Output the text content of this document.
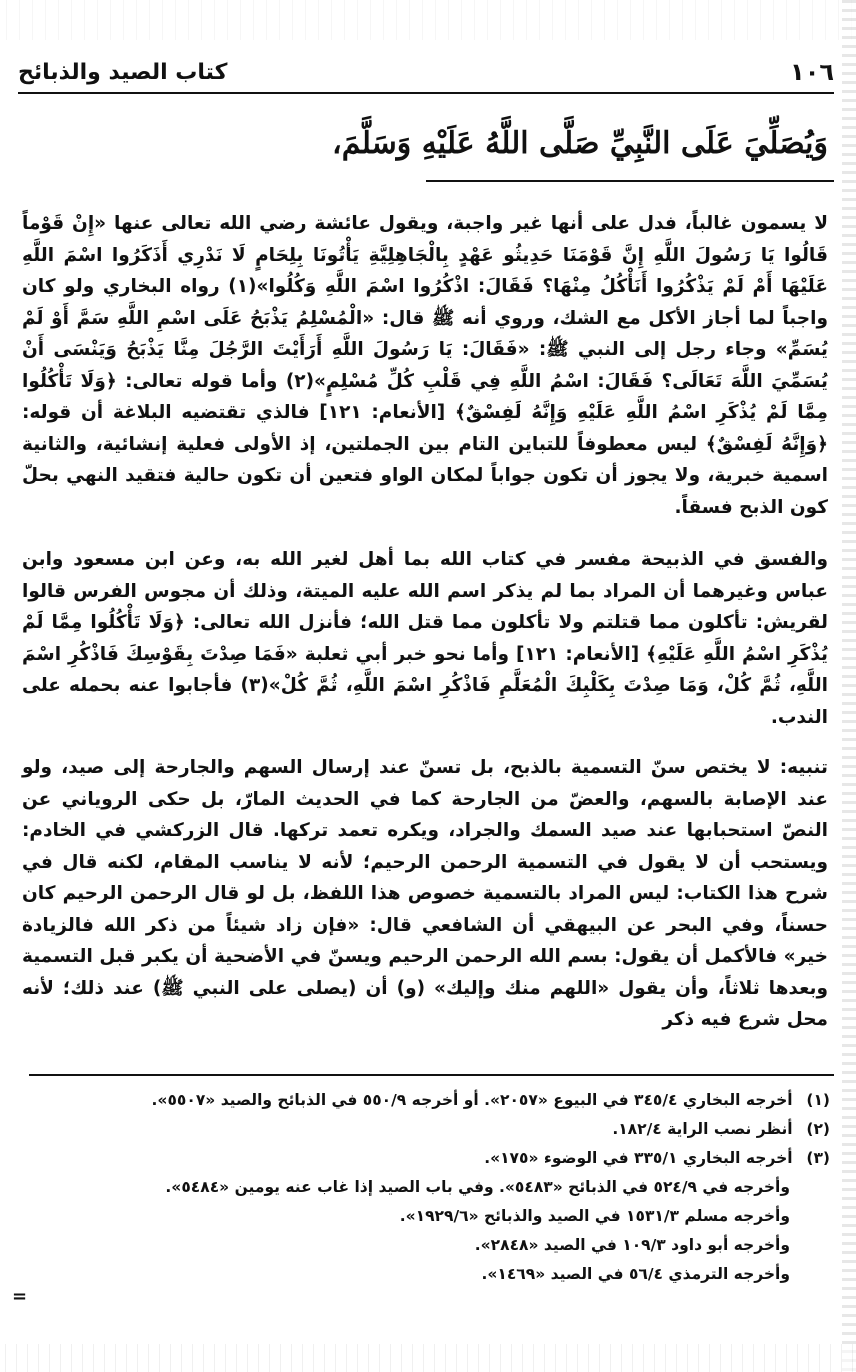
كتاب الصيد والذبائح	١٠٦
وَيُصَلِّيَ عَلَى النَّبِيِّ صَلَّى اللَّهُ عَلَيْهِ وَسَلَّمَ،

لا يسمون غالباً، فدل على أنها غير واجبة، ويقول عائشة رضي الله تعالى عنها «إِنْ قَوْماً قَالُوا يَا رَسُولَ اللَّهِ إِنَّ قَوْمَنَا حَدِيثُو عَهْدٍ بِالْجَاهِلِيَّةِ يَأْتُونَا بِلِحَامٍ لَا نَدْرِي أَذَكَرُوا اسْمَ اللَّهِ عَلَيْهَا أَمْ لَمْ يَذْكُرُوا أَنَأْكُلُ مِنْهَا؟ فَقَالَ: اذْكُرُوا اسْمَ اللَّهِ وَكُلُوا»(١) رواه البخاري ولو كان واجباً لما أجاز الأكل مع الشك، وروي أنه ﷺ قال: «الْمُسْلِمُ يَذْبَحُ عَلَى اسْمِ اللَّهِ سَمَّ أَوْ لَمْ يُسَمِّ» وجاء رجل إلى النبي ﷺ: «فَقَالَ: يَا رَسُولَ اللَّهِ أَرَأَيْتَ الرَّجُلَ مِنَّا يَذْبَحُ وَيَنْسَى أَنْ يُسَمِّيَ اللَّهَ تَعَالَى؟ فَقَالَ: اسْمُ اللَّهِ فِي قَلْبِ كُلِّ مُسْلِمٍ»(٢) وأما قوله تعالى: ﴿وَلَا تَأْكُلُوا مِمَّا لَمْ يُذْكَرِ اسْمُ اللَّهِ عَلَيْهِ وَإِنَّهُ لَفِسْقٌ﴾ [الأنعام: ١٢١] فالذي تقتضيه البلاغة أن قوله: ﴿وَإِنَّهُ لَفِسْقٌ﴾ ليس معطوفاً للتباين التام بين الجملتين، إذ الأولى فعلية إنشائية، والثانية اسمية خبرية، ولا يجوز أن تكون جواباً لمكان الواو فتعين أن تكون حالية فتقيد النهي بحلّ كون الذبح فسقاً.

والفسق في الذبيحة مفسر في كتاب الله بما أهل لغير الله به، وعن ابن مسعود وابن عباس وغيرهما أن المراد بما لم يذكر اسم الله عليه الميتة، وذلك أن مجوس الفرس قالوا لقريش: تأكلون مما قتلتم ولا تأكلون مما قتل الله؛ فأنزل الله تعالى: ﴿وَلَا تَأْكُلُوا مِمَّا لَمْ يُذْكَرِ اسْمُ اللَّهِ عَلَيْهِ﴾ [الأنعام: ١٢١] وأما نحو خبر أبي ثعلبة «فَمَا صِدْتَ بِقَوْسِكَ فَاذْكُرِ اسْمَ اللَّهِ، ثُمَّ كُلْ، وَمَا صِدْتَ بِكَلْبِكَ الْمُعَلَّمِ فَاذْكُرِ اسْمَ اللَّهِ، ثُمَّ كُلْ»(٣) فأجابوا عنه بحمله على الندب.

تنبيه: لا يختص سنّ التسمية بالذبح، بل تسنّ عند إرسال السهم والجارحة إلى صيد، ولو عند الإصابة بالسهم، والعضّ من الجارحة كما في الحديث المارّ، بل حكى الروياني عن النصّ استحبابها عند صيد السمك والجراد، ويكره تعمد تركها. قال الزركشي في الخادم: ويستحب أن لا يقول في التسمية الرحمن الرحيم؛ لأنه لا يناسب المقام، لكنه قال في شرح هذا الكتاب: ليس المراد بالتسمية خصوص هذا اللفظ، بل لو قال الرحمن الرحيم كان حسناً، وفي البحر عن البيهقي أن الشافعي قال: «فإن زاد شيئاً من ذكر الله فالزيادة خير» فالأكمل أن يقول: بسم الله الرحمن الرحيم ويسنّ في الأضحية أن يكبر قبل التسمية وبعدها ثلاثاً، وأن يقول «اللهم منك وإليك» (و) أن (يصلى على النبي ﷺ) عند ذلك؛ لأنه محل شرع فيه ذكر

(١) أخرجه البخاري ٣٤٥/٤ في البيوع «٢٠٥٧». أو أخرجه ٥٥٠/٩ في الذبائح والصيد «٥٥٠٧».

(٢) أنظر نصب الراية ١٨٢/٤.

(٣) أخرجه البخاري ٣٣٥/١ في الوضوء «١٧٥».

وأخرجه في ٥٢٤/٩ في الذبائح «٥٤٨٣». وفي باب الصيد إذا غاب عنه يومين «٥٤٨٤».

وأخرجه مسلم ١٥٣١/٣ في الصيد والذبائح «١٩٢٩/٦».

وأخرجه أبو داود ١٠٩/٣ في الصيد «٢٨٤٨».

وأخرجه الترمذي ٥٦/٤ في الصيد «١٤٦٩».

=
